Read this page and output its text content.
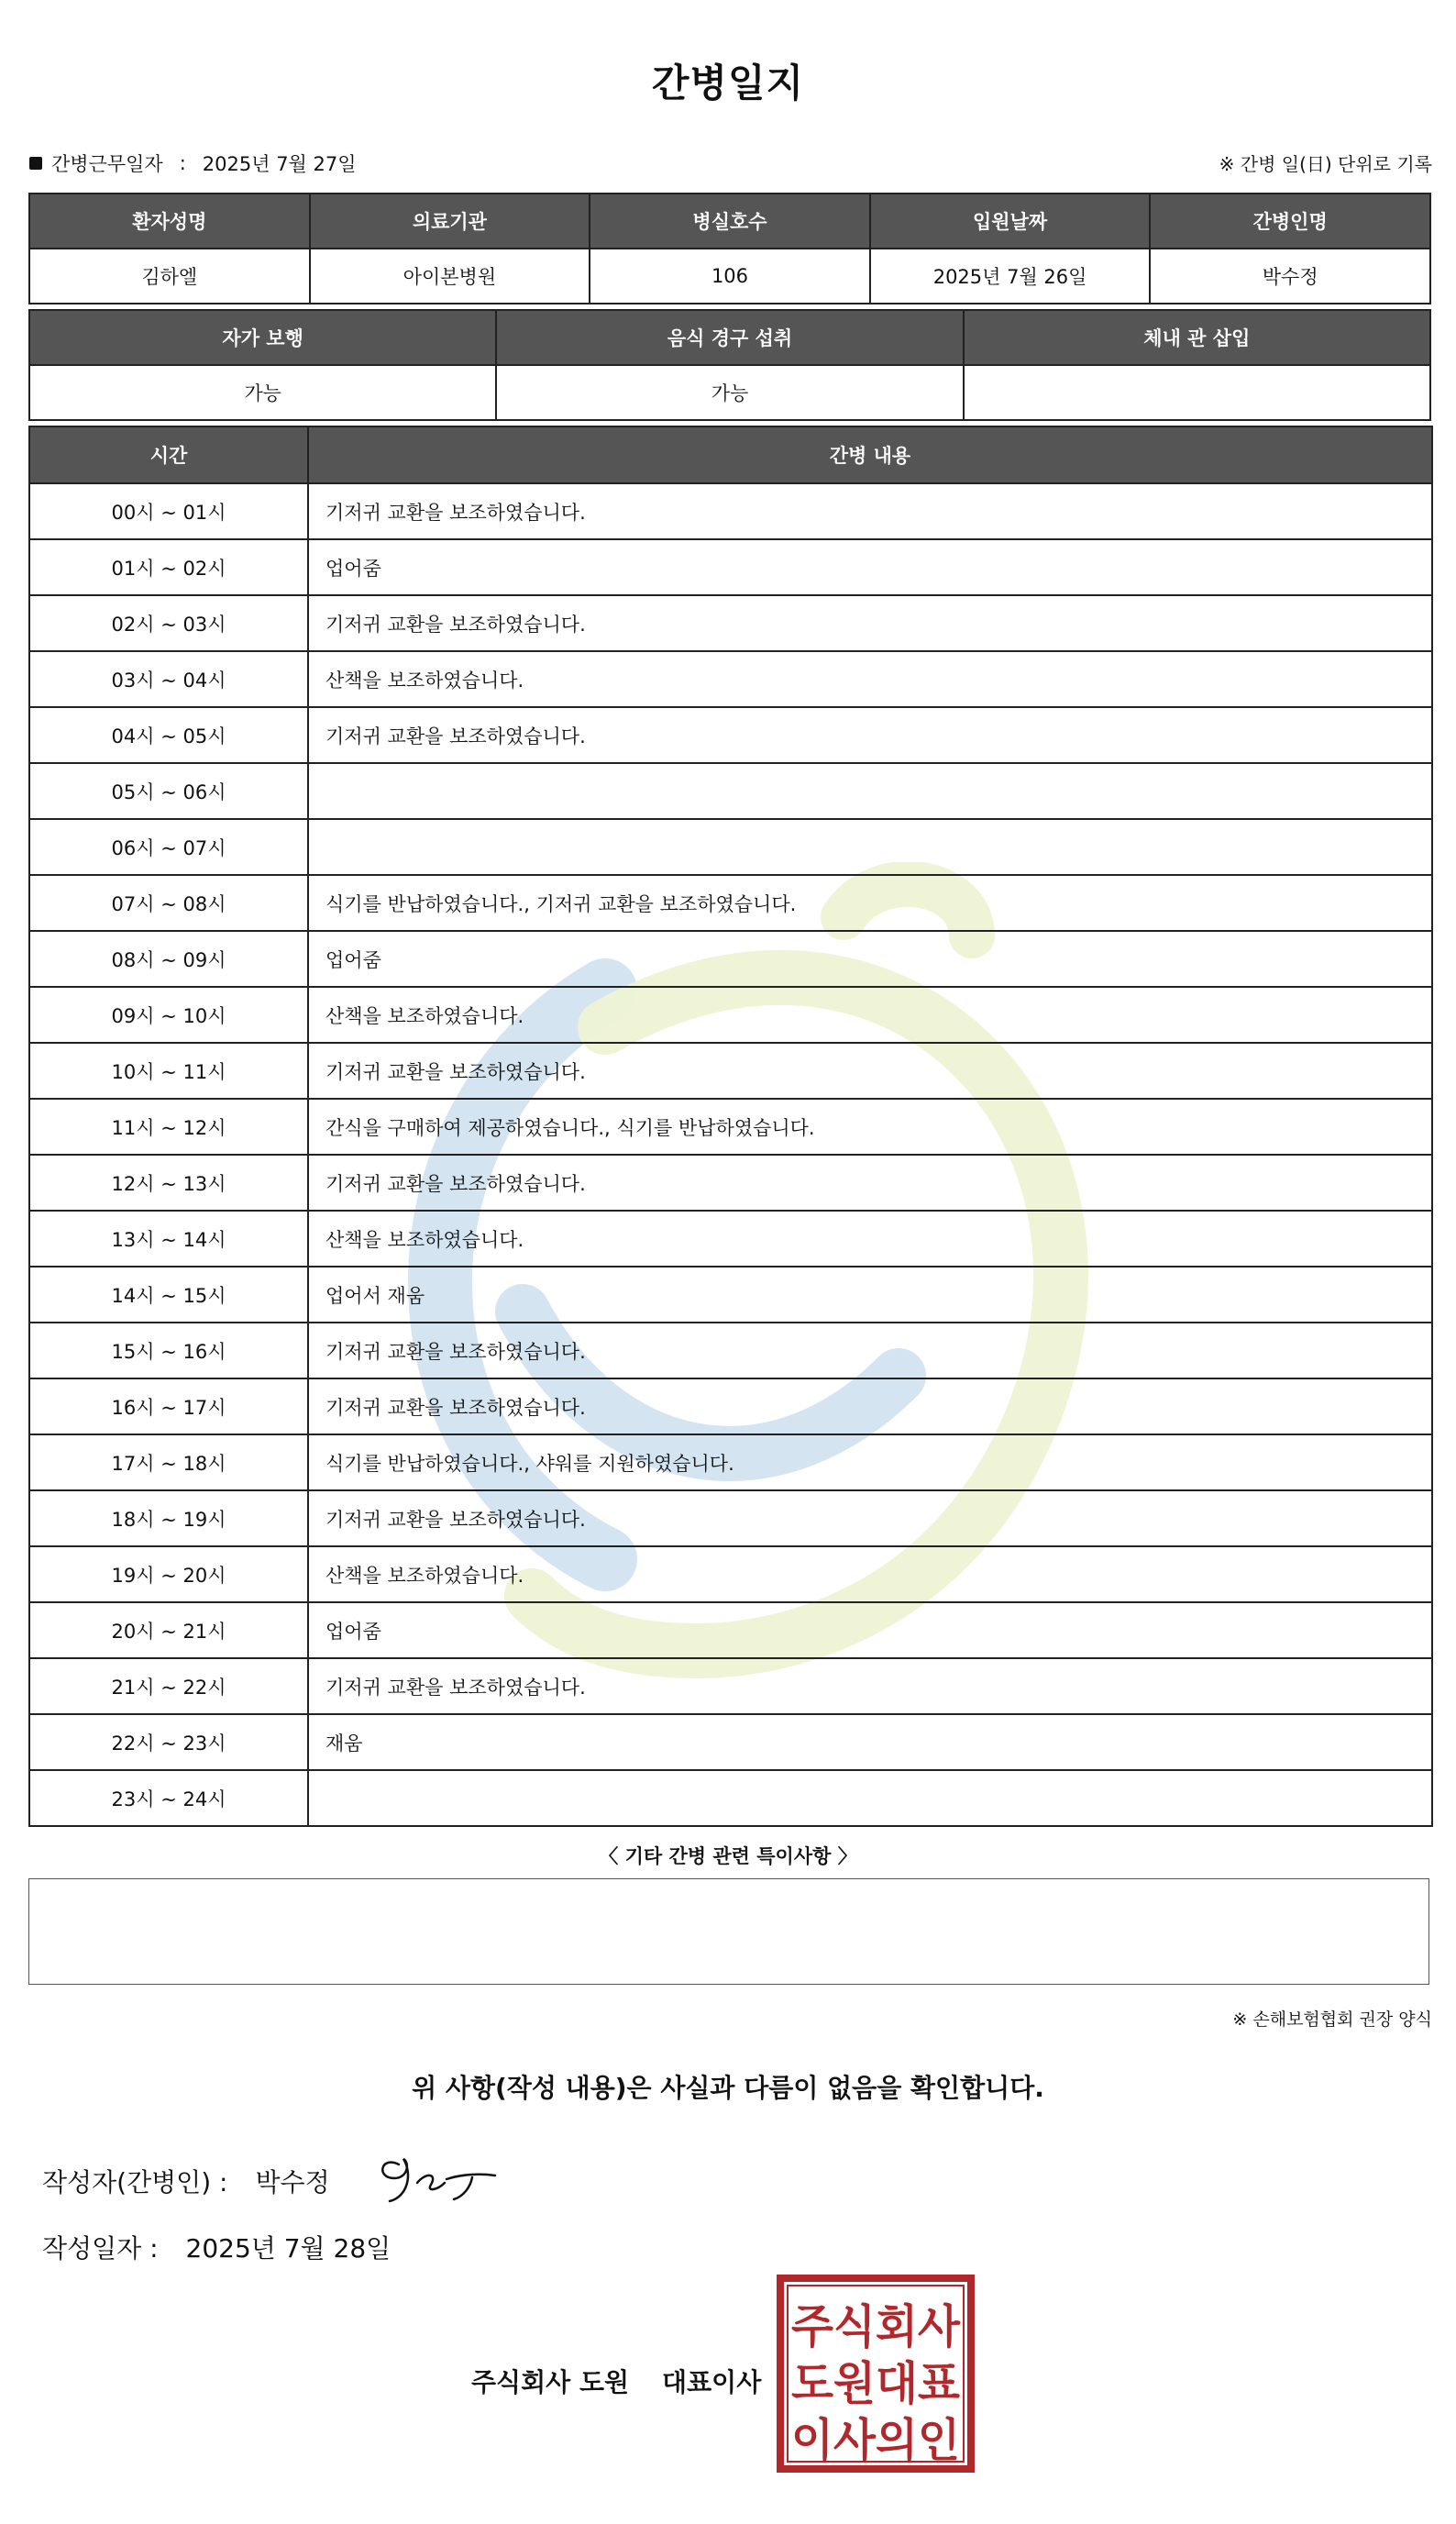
간병일지
간병근무일자 : 2025년 7월 27일	※ 간병 일(日) 단위로 기록
환자성명	의료기관	병실호수	입원날짜	간병인명
김하엘	아이본병원	106	2025년 7월 26일	박수정
자가 보행	음식 경구 섭취	체내 관 삽입
가능	가능	
시간	간병 내용
00시 ~ 01시	기저귀 교환을 보조하였습니다.
01시 ~ 02시	업어줌
02시 ~ 03시	기저귀 교환을 보조하였습니다.
03시 ~ 04시	산책을 보조하였습니다.
04시 ~ 05시	기저귀 교환을 보조하였습니다.
05시 ~ 06시	
06시 ~ 07시	
07시 ~ 08시	식기를 반납하였습니다., 기저귀 교환을 보조하였습니다.
08시 ~ 09시	업어줌
09시 ~ 10시	산책을 보조하였습니다.
10시 ~ 11시	기저귀 교환을 보조하였습니다.
11시 ~ 12시	간식을 구매하여 제공하였습니다., 식기를 반납하였습니다.
12시 ~ 13시	기저귀 교환을 보조하였습니다.
13시 ~ 14시	산책을 보조하였습니다.
14시 ~ 15시	업어서 재움
15시 ~ 16시	기저귀 교환을 보조하였습니다.
16시 ~ 17시	기저귀 교환을 보조하였습니다.
17시 ~ 18시	식기를 반납하였습니다., 샤워를 지원하였습니다.
18시 ~ 19시	기저귀 교환을 보조하였습니다.
19시 ~ 20시	산책을 보조하였습니다.
20시 ~ 21시	업어줌
21시 ~ 22시	기저귀 교환을 보조하였습니다.
22시 ~ 23시	재움
23시 ~ 24시	
〈 기타 간병 관련 특이사항 〉
※ 손해보험협회 권장 양식
위 사항(작성 내용)은 사실과 다름이 없음을 확인합니다.
작성자(간병인) : 박수정
작성일자 : 2025년 7월 28일
주식회사 도원 대표이사
주식회사
도원대표
이사의인
